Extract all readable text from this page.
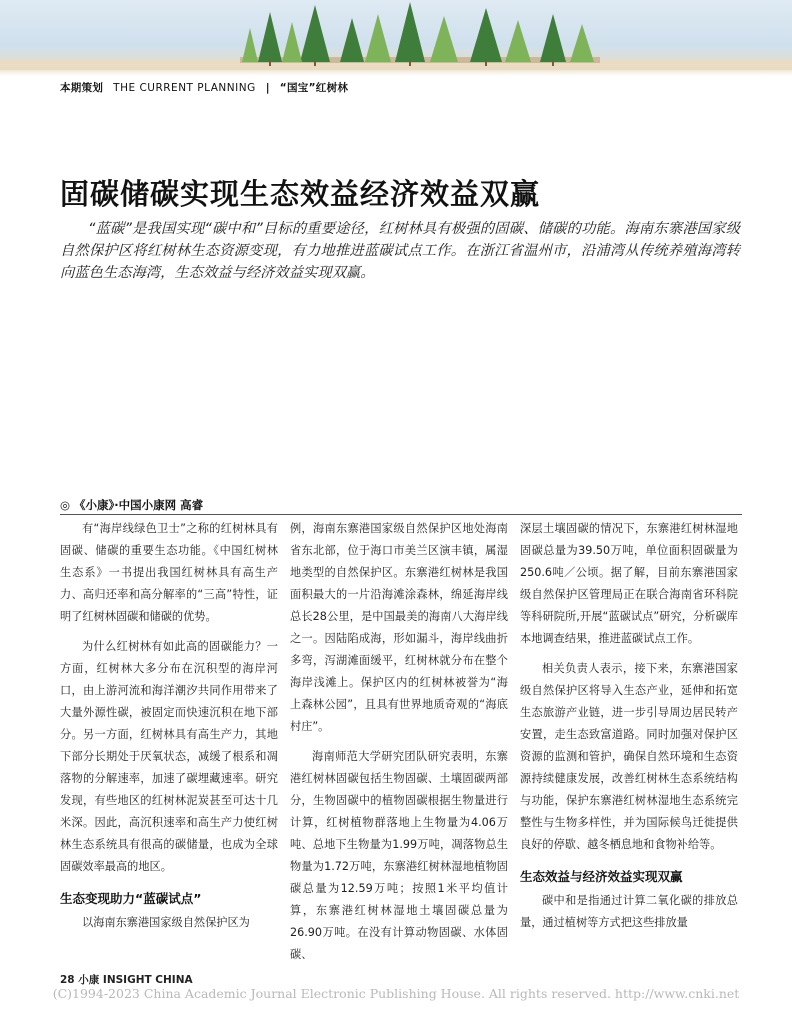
本期策划 THE CURRENT PLANNING | “国宝”红树林
固碳储碳实现生态效益经济效益双赢
“蓝碳”是我国实现“碳中和”目标的重要途径，红树林具有极强的固碳、储碳的功能。海南东寨港国家级自然保护区将红树林生态资源变现，有力地推进蓝碳试点工作。在浙江省温州市，沿浦湾从传统养殖海湾转向蓝色生态海湾，生态效益与经济效益实现双赢。
◎ 《小康》·中国小康网 高睿

有“海岸线绿色卫士”之称的红树林具有固碳、储碳的重要生态功能。《中国红树林生态系》一书提出我国红树林具有高生产力、高归还率和高分解率的“三高”特性，证明了红树林固碳和储碳的优势。

为什么红树林有如此高的固碳能力？一方面，红树林大多分布在沉积型的海岸河口，由上游河流和海洋潮汐共同作用带来了大量外源性碳，被固定而快速沉积在地下部分。另一方面，红树林具有高生产力，其地下部分长期处于厌氧状态，减缓了根系和凋落物的分解速率，加速了碳埋藏速率。研究发现，有些地区的红树林泥炭甚至可达十几米深。因此，高沉积速率和高生产力使红树林生态系统具有很高的碳储量，也成为全球固碳效率最高的地区。

生态变现助力“蓝碳试点”

以海南东寨港国家级自然保护区为

例，海南东寨港国家级自然保护区地处海南省东北部，位于海口市美兰区演丰镇，属湿地类型的自然保护区。东寨港红树林是我国面积最大的一片沿海滩涂森林，绵延海岸线总长28公里，是中国最美的海南八大海岸线之一。因陆陷成海，形如漏斗，海岸线曲折多弯，泻湖滩面缓平，红树林就分布在整个海岸浅滩上。保护区内的红树林被誉为“海上森林公园”，且具有世界地质奇观的“海底村庄”。

海南师范大学研究团队研究表明，东寨港红树林固碳包括生物固碳、土壤固碳两部分，生物固碳中的植物固碳根据生物量进行计算，红树植物群落地上生物量为4.06万吨、总地下生物量为1.99万吨，凋落物总生物量为1.72万吨，东寨港红树林湿地植物固碳总量为12.59万吨；按照1米平均值计算，东寨港红树林湿地土壤固碳总量为26.90万吨。在没有计算动物固碳、水体固碳、

深层土壤固碳的情况下，东寨港红树林湿地固碳总量为39.50万吨，单位面积固碳量为250.6吨／公顷。据了解，目前东寨港国家级自然保护区管理局正在联合海南省环科院等科研院所,开展“蓝碳试点”研究，分析碳库本地调查结果，推进蓝碳试点工作。

相关负责人表示，接下来，东寨港国家级自然保护区将导入生态产业，延伸和拓宽生态旅游产业链，进一步引导周边居民转产安置，走生态致富道路。同时加强对保护区资源的监测和管护，确保自然环境和生态资源持续健康发展，改善红树林生态系统结构与功能，保护东寨港红树林湿地生态系统完整性与生物多样性，并为国际候鸟迁徙提供良好的停歇、越冬栖息地和食物补给等。

生态效益与经济效益实现双赢

碳中和是指通过计算二氧化碳的排放总量，通过植树等方式把这些排放量

28 小康 INSIGHT CHINA
(C)1994-2023 China Academic Journal Electronic Publishing House. All rights reserved. http://www.cnki.net
